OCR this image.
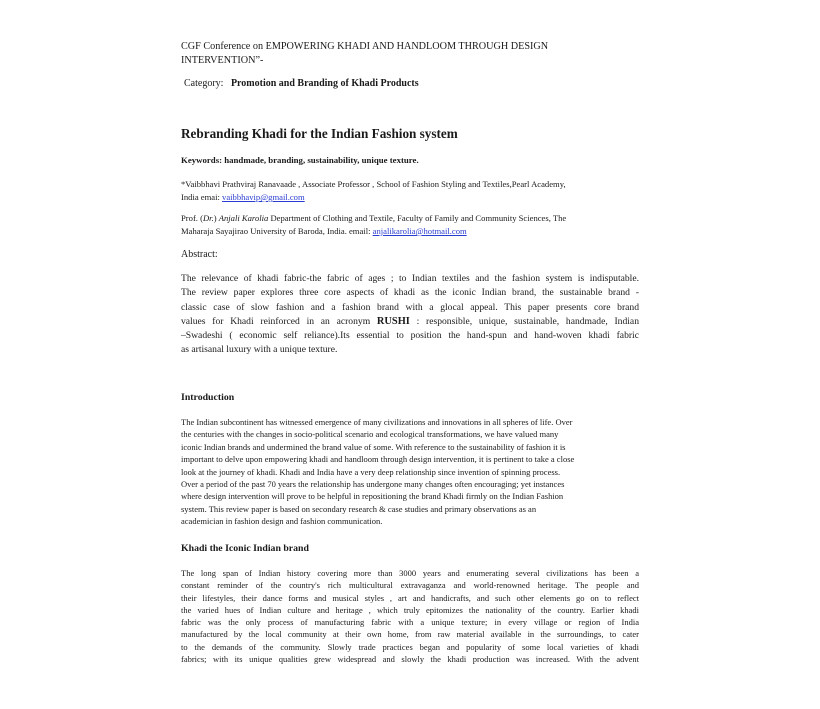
CGF Conference on EMPOWERING KHADI AND HANDLOOM THROUGH DESIGN
INTERVENTION”-
Category: Promotion and Branding of Khadi Products
Rebranding Khadi for the Indian Fashion system
Keywords: handmade, branding, sustainability, unique texture.
*Vaibbhavi Prathviraj Ranavaade , Associate Professor , School of Fashion Styling and Textiles,Pearl Academy,
India emai: vaibbhavip@gmail.com
Prof. (Dr.) Anjali Karolia Department of Clothing and Textile, Faculty of Family and Community Sciences, The
Maharaja Sayajirao University of Baroda, India. email: anjalikarolia@hotmail.com
Abstract:
The relevance of khadi fabric-the fabric of ages ; to Indian textiles and the fashion system is indisputable.
The review paper explores three core aspects of khadi as the iconic Indian brand, the sustainable brand -
classic case of slow fashion and a fashion brand with a glocal appeal. This paper presents core brand
values for Khadi reinforced in an acronym RUSHI : responsible, unique, sustainable, handmade, Indian
–Swadeshi ( economic self reliance).Its essential to position the hand-spun and hand-woven khadi fabric
as artisanal luxury with a unique texture.
Introduction
The Indian subcontinent has witnessed emergence of many civilizations and innovations in all spheres of life. Over
the centuries with the changes in socio-political scenario and ecological transformations, we have valued many
iconic Indian brands and undermined the brand value of some. With reference to the sustainability of fashion it is
important to delve upon empowering khadi and handloom through design intervention, it is pertinent to take a close
look at the journey of khadi. Khadi and India have a very deep relationship since invention of spinning process.
Over a period of the past 70 years the relationship has undergone many changes often encouraging; yet instances
where design intervention will prove to be helpful in repositioning the brand Khadi firmly on the Indian Fashion
system. This review paper is based on secondary research & case studies and primary observations as an
academician in fashion design and fashion communication.
Khadi the Iconic Indian brand
The long span of Indian history covering more than 3000 years and enumerating several civilizations has been a
constant reminder of the country's rich multicultural extravaganza and world-renowned heritage. The people and
their lifestyles, their dance forms and musical styles , art and handicrafts, and such other elements go on to reflect
the varied hues of Indian culture and heritage , which truly epitomizes the nationality of the country. Earlier khadi
fabric was the only process of manufacturing fabric with a unique texture; in every village or region of India
manufactured by the local community at their own home, from raw material available in the surroundings, to cater
to the demands of the community. Slowly trade practices began and popularity of some local varieties of khadi
fabrics; with its unique qualities grew widespread and slowly the khadi production was increased. With the advent
